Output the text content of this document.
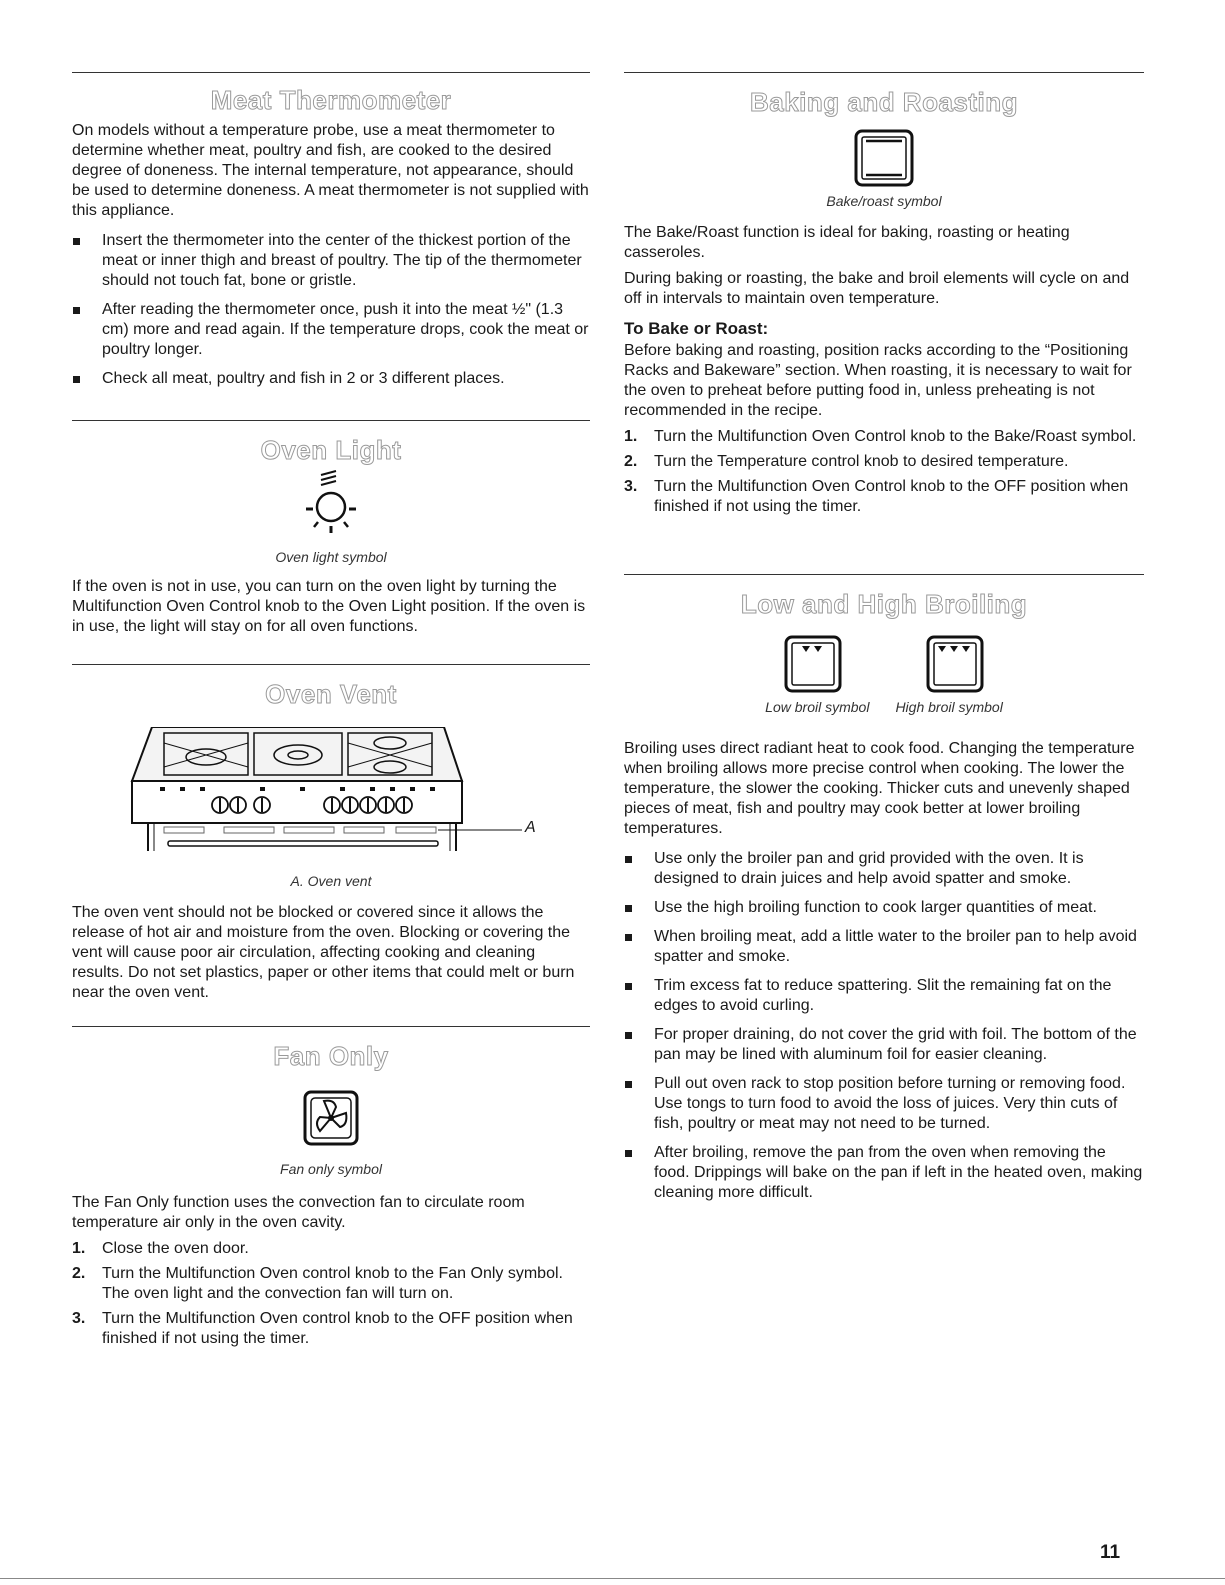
Meat Thermometer

On models without a temperature probe, use a meat thermometer to determine whether meat, poultry and fish, are cooked to the desired degree of doneness. The internal temperature, not appearance, should be used to determine doneness. A meat thermometer is not supplied with this appliance.

Insert the thermometer into the center of the thickest portion of the meat or inner thigh and breast of poultry. The tip of the thermometer should not touch fat, bone or gristle.
After reading the thermometer once, push it into the meat ½" (1.3 cm) more and read again. If the temperature drops, cook the meat or poultry longer.
Check all meat, poultry and fish in 2 or 3 different places.
Oven Light
Oven light symbol

If the oven is not in use, you can turn on the oven light by turning the Multifunction Oven Control knob to the Oven Light position. If the oven is in use, the light will stay on for all oven functions.

Oven Vent
A
A. Oven vent

The oven vent should not be blocked or covered since it allows the release of hot air and moisture from the oven. Blocking or covering the vent will cause poor air circulation, affecting cooking and cleaning results. Do not set plastics, paper or other items that could melt or burn near the oven vent.

Fan Only
Fan only symbol

The Fan Only function uses the convection fan to circulate room temperature air only in the oven cavity.

1. Close the oven door.
2. Turn the Multifunction Oven control knob to the Fan Only symbol. The oven light and the convection fan will turn on.
3. Turn the Multifunction Oven control knob to the OFF position when finished if not using the timer.
Baking and Roasting
Bake/roast symbol

The Bake/Roast function is ideal for baking, roasting or heating casseroles.

During baking or roasting, the bake and broil elements will cycle on and off in intervals to maintain oven temperature.

To Bake or Roast:

Before baking and roasting, position racks according to the “Positioning Racks and Bakeware” section. When roasting, it is necessary to wait for the oven to preheat before putting food in, unless preheating is not recommended in the recipe.

1. Turn the Multifunction Oven Control knob to the Bake/Roast symbol.
2. Turn the Temperature control knob to desired temperature.
3. Turn the Multifunction Oven Control knob to the OFF position when finished if not using the timer.
Low and High Broiling
Low broil symbol High broil symbol

Broiling uses direct radiant heat to cook food. Changing the temperature when broiling allows more precise control when cooking. The lower the temperature, the slower the cooking. Thicker cuts and unevenly shaped pieces of meat, fish and poultry may cook better at lower broiling temperatures.

Use only the broiler pan and grid provided with the oven. It is designed to drain juices and help avoid spatter and smoke.
Use the high broiling function to cook larger quantities of meat.
When broiling meat, add a little water to the broiler pan to help avoid spatter and smoke.
Trim excess fat to reduce spattering. Slit the remaining fat on the edges to avoid curling.
For proper draining, do not cover the grid with foil. The bottom of the pan may be lined with aluminum foil for easier cleaning.
Pull out oven rack to stop position before turning or removing food. Use tongs to turn food to avoid the loss of juices. Very thin cuts of fish, poultry or meat may not need to be turned.
After broiling, remove the pan from the oven when removing the food. Drippings will bake on the pan if left in the heated oven, making cleaning more difficult.
11
